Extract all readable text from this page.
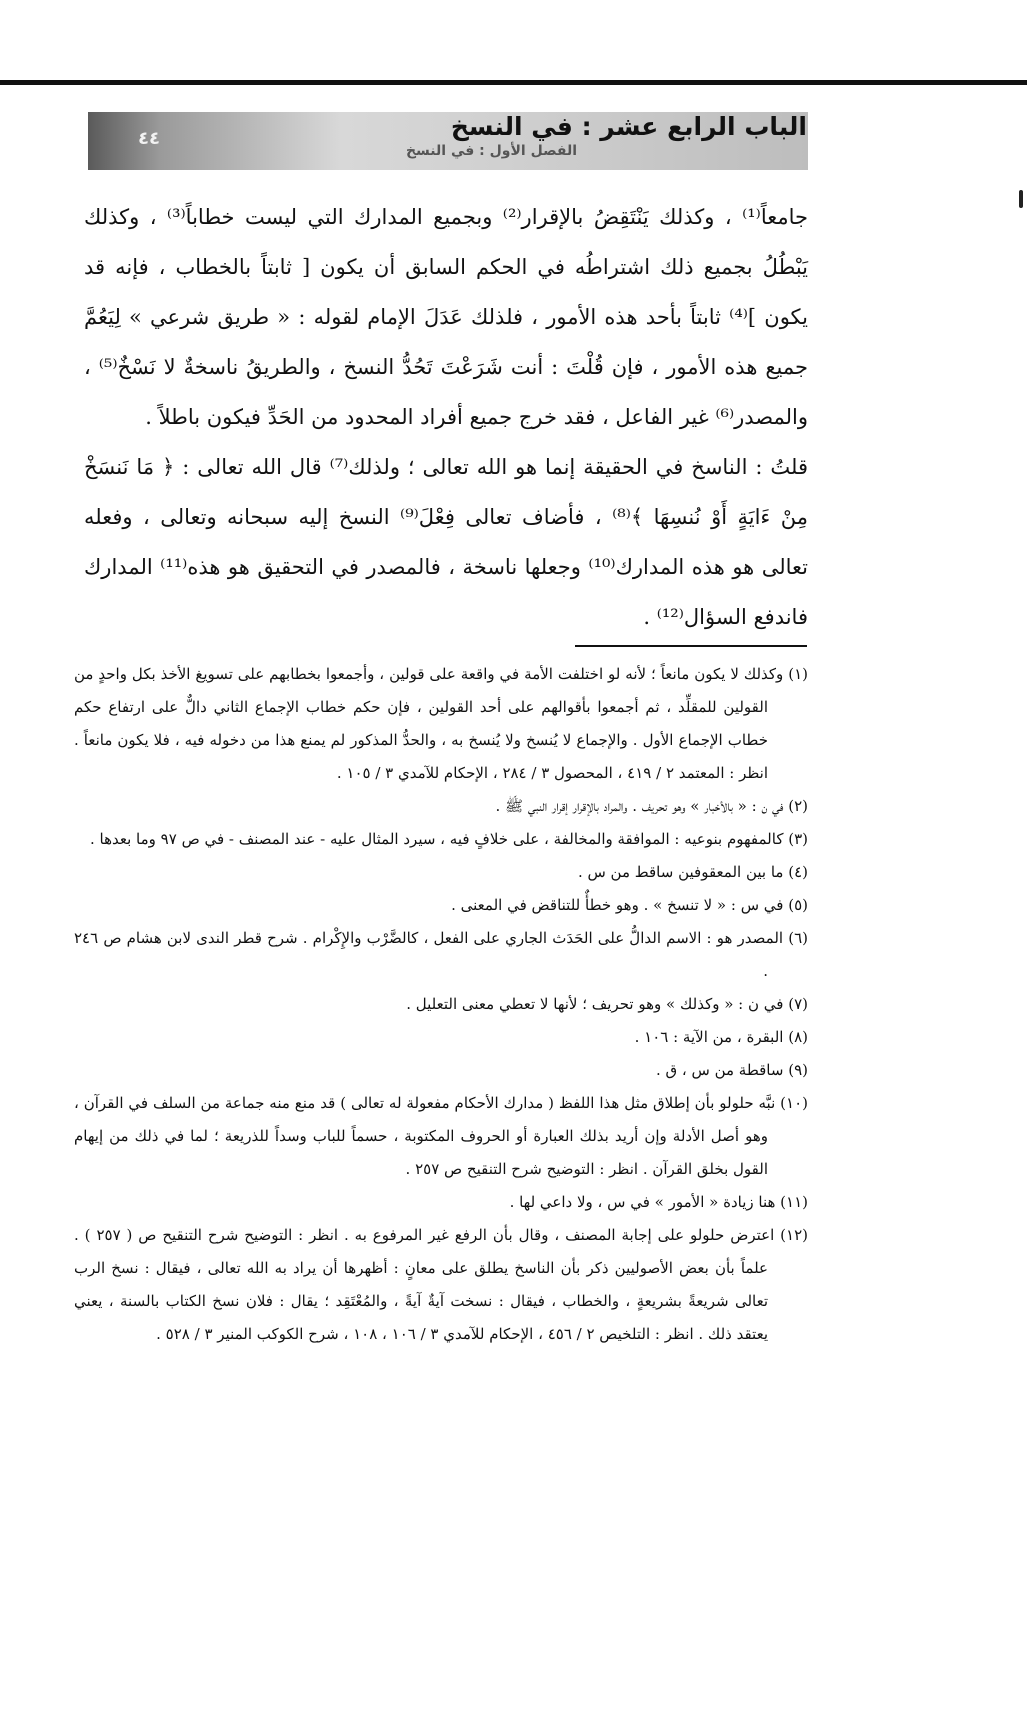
الباب الرابع عشر : في النسخ
الفصل الأول : في النسخ
٤٤

جامعاً⁽¹⁾ ، وكذلك يَنْتَقِضُ بالإقرار⁽²⁾ وبجميع المدارك التي ليست خطاباً⁽³⁾ ، وكذلك يَبْطُلُ بجميع ذلك اشتراطُه في الحكم السابق أن يكون [ ثابتاً بالخطاب ، فإنه قد يكون ]⁽⁴⁾ ثابتاً بأحد هذه الأمور ، فلذلك عَدَلَ الإمام لقوله : « طريق شرعي » لِيَعُمَّ جميع هذه الأمور ، فإن قُلْتَ : أنت شَرَعْتَ تَحُدُّ النسخ ، والطريقُ ناسخةٌ لا نَسْخٌ⁽⁵⁾ ، والمصدر⁽⁶⁾ غير الفاعل ، فقد خرج جميع أفراد المحدود من الحَدِّ فيكون باطلاً .

قلتُ : الناسخ في الحقيقة إنما هو الله تعالى ؛ ولذلك⁽⁷⁾ قال الله تعالى : ﴿ مَا نَنسَخْ مِنْ ءَايَةٍ أَوْ نُنسِهَا ﴾⁽⁸⁾ ، فأضاف تعالى فِعْلَ⁽⁹⁾ النسخ إليه سبحانه وتعالى ، وفعله تعالى هو هذه المدارك⁽¹⁰⁾ وجعلها ناسخة ، فالمصدر في التحقيق هو هذه⁽¹¹⁾ المدارك فاندفع السؤال⁽¹²⁾ .

(١) وكذلك لا يكون مانعاً ؛ لأنه لو اختلفت الأمة في واقعة على قولين ، وأجمعوا بخطابهم على تسويغ الأخذ بكل واحدٍ من القولين للمقلِّد ، ثم أجمعوا بأقوالهم على أحد القولين ، فإن حكم خطاب الإجماع الثاني دالٌّ على ارتفاع حكم خطاب الإجماع الأول . والإجماع لا يُنسخ ولا يُنسخ به ، والحدُّ المذكور لم يمنع هذا من دخوله فيه ، فلا يكون مانعاً . انظر : المعتمد ٢ / ٤١٩ ، المحصول ٣ / ٢٨٤ ، الإحكام للآمدي ٣ / ١٠٥ .

(٢) في ن : « بالأخبار » وهو تحريف . والمراد بالإقرار إقرار النبي ﷺ .

(٣) كالمفهوم بنوعيه : الموافقة والمخالفة ، على خلافٍ فيه ، سيرد المثال عليه - عند المصنف - في ص ٩٧ وما بعدها .

(٤) ما بين المعقوفين ساقط من س .

(٥) في س : « لا تنسخ » . وهو خطأٌ للتناقض في المعنى .

(٦) المصدر هو : الاسم الدالُّ على الحَدَث الجاري على الفعل ، كالضَّرْب والإِكْرام . شرح قطر الندى لابن هشام ص ٢٤٦ .

(٧) في ن : « وكذلك » وهو تحريف ؛ لأنها لا تعطي معنى التعليل .

(٨) البقرة ، من الآية : ١٠٦ .

(٩) ساقطة من س ، ق .

(١٠) نبَّه حلولو بأن إطلاق مثل هذا اللفظ ( مدارك الأحكام مفعولة له تعالى ) قد منع منه جماعة من السلف في القرآن ، وهو أصل الأدلة وإن أريد بذلك العبارة أو الحروف المكتوبة ، حسماً للباب وسداً للذريعة ؛ لما في ذلك من إيهام القول بخلق القرآن . انظر : التوضيح شرح التنقيح ص ٢٥٧ .

(١١) هنا زيادة « الأمور » في س ، ولا داعي لها .

(١٢) اعترض حلولو على إجابة المصنف ، وقال بأن الرفع غير المرفوع به . انظر : التوضيح شرح التنقيح ص ( ٢٥٧ ) . علماً بأن بعض الأصوليين ذكر بأن الناسخ يطلق على معانٍ : أظهرها أن يراد به الله تعالى ، فيقال : نسخ الرب تعالى شريعةً بشريعةٍ ، والخطاب ، فيقال : نسخت آيةٌ آيةً ، والمُعْتَقِد ؛ يقال : فلان نسخ الكتاب بالسنة ، يعني يعتقد ذلك . انظر : التلخيص ٢ / ٤٥٦ ، الإحكام للآمدي ٣ / ١٠٦ ، ١٠٨ ، شرح الكوكب المنير ٣ / ٥٢٨ .
